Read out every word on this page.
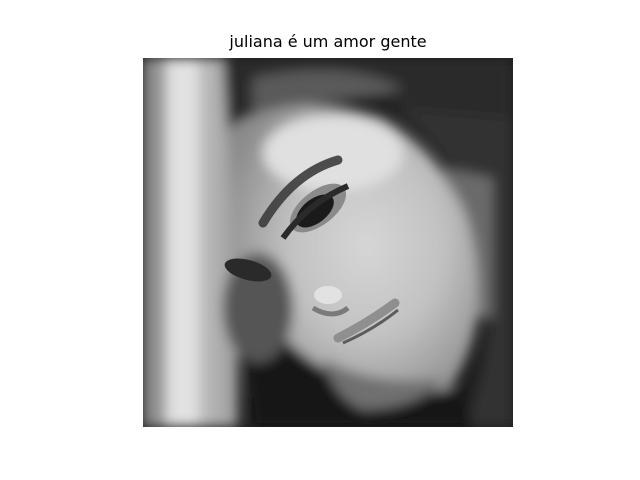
juliana é um amor gente
